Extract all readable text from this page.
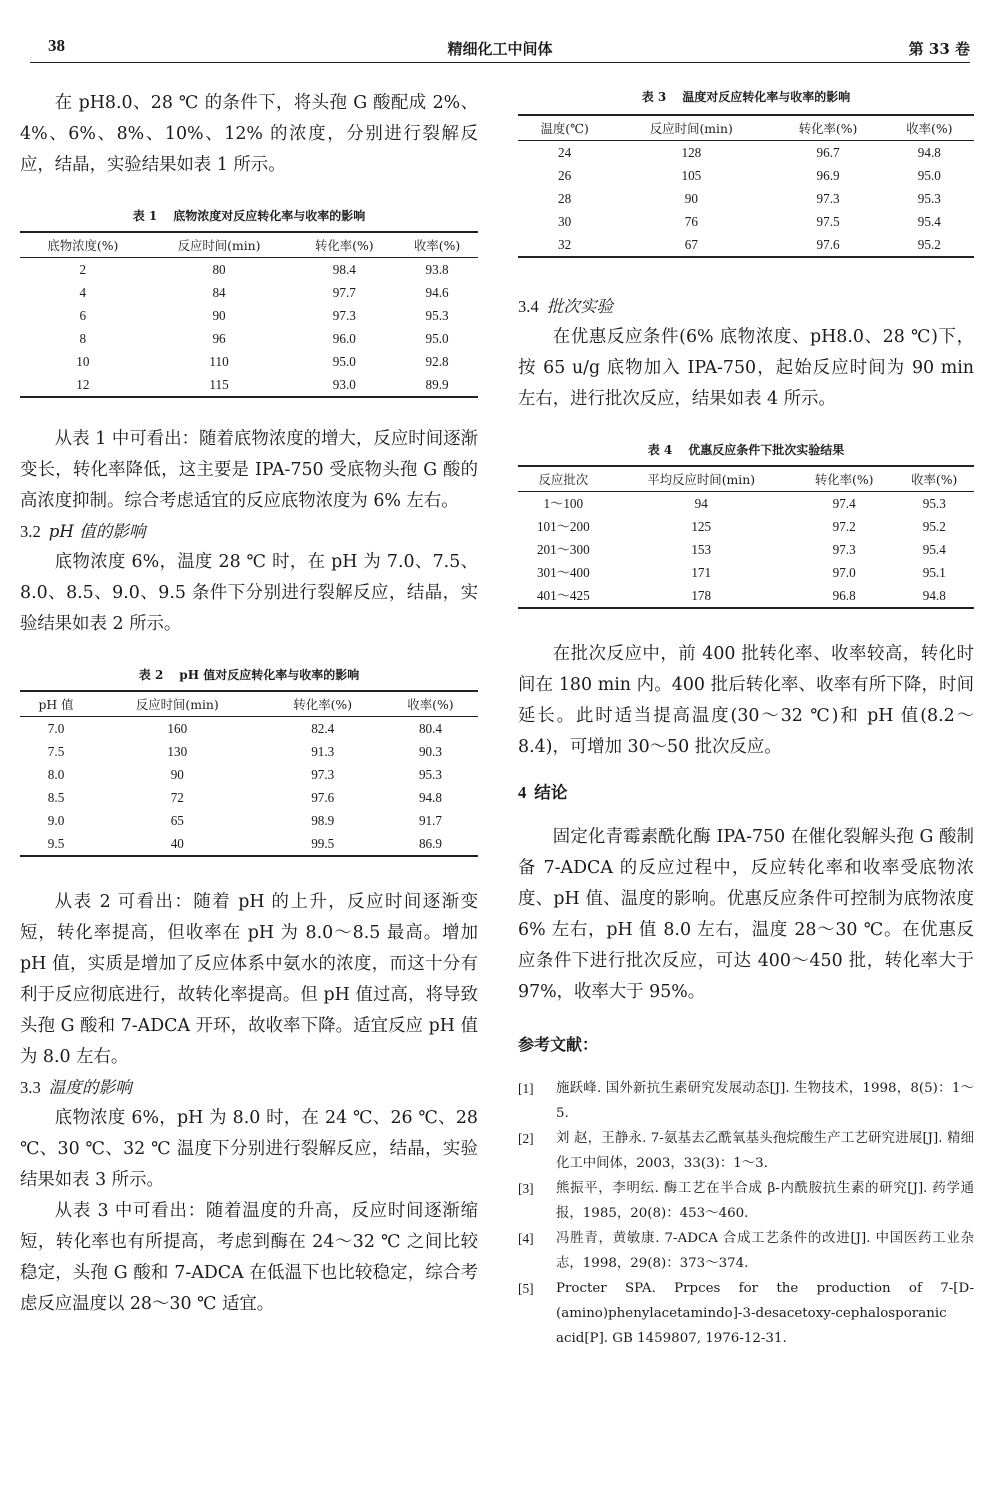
38	精细化工中间体	第 33 卷

在 pH8.0、28 ℃ 的条件下，将头孢 G 酸配成 2%、4%、6%、8%、10%、12% 的浓度，分别进行裂解反应，结晶，实验结果如表 1 所示。

表 1 底物浓度对反应转化率与收率的影响

底物浓度(%)	反应时间(min)	转化率(%)	收率(%)
2	80	98.4	93.8
4	84	97.7	94.6
6	90	97.3	95.3
8	96	96.0	95.0
10	110	95.0	92.8
12	115	93.0	89.9

从表 1 中可看出：随着底物浓度的增大，反应时间逐渐变长，转化率降低，这主要是 IPA-750 受底物头孢 G 酸的高浓度抑制。综合考虑适宜的反应底物浓度为 6% 左右。

3.2 pH 值的影响

底物浓度 6%，温度 28 ℃ 时，在 pH 为 7.0、7.5、8.0、8.5、9.0、9.5 条件下分别进行裂解反应，结晶，实验结果如表 2 所示。

表 2 pH 值对反应转化率与收率的影响

pH 值	反应时间(min)	转化率(%)	收率(%)
7.0	160	82.4	80.4
7.5	130	91.3	90.3
8.0	90	97.3	95.3
8.5	72	97.6	94.8
9.0	65	98.9	91.7
9.5	40	99.5	86.9

从表 2 可看出：随着 pH 的上升，反应时间逐渐变短，转化率提高，但收率在 pH 为 8.0～8.5 最高。增加 pH 值，实质是增加了反应体系中氨水的浓度，而这十分有利于反应彻底进行，故转化率提高。但 pH 值过高，将导致头孢 G 酸和 7-ADCA 开环，故收率下降。适宜反应 pH 值为 8.0 左右。

3.3 温度的影响

底物浓度 6%，pH 为 8.0 时，在 24 ℃、26 ℃、28 ℃、30 ℃、32 ℃ 温度下分别进行裂解反应，结晶，实验结果如表 3 所示。

从表 3 中可看出：随着温度的升高，反应时间逐渐缩短，转化率也有所提高，考虑到酶在 24～32 ℃ 之间比较稳定，头孢 G 酸和 7-ADCA 在低温下也比较稳定，综合考虑反应温度以 28～30 ℃ 适宜。

表 3 温度对反应转化率与收率的影响

温度(℃)	反应时间(min)	转化率(%)	收率(%)
24	128	96.7	94.8
26	105	96.9	95.0
28	90	97.3	95.3
30	76	97.5	95.4
32	67	97.6	95.2

3.4 批次实验

在优惠反应条件(6% 底物浓度、pH8.0、28 ℃)下，按 65 u/g 底物加入 IPA-750，起始反应时间为 90 min 左右，进行批次反应，结果如表 4 所示。

表 4 优惠反应条件下批次实验结果

反应批次	平均反应时间(min)	转化率(%)	收率(%)
1～100	94	97.4	95.3
101～200	125	97.2	95.2
201～300	153	97.3	95.4
301～400	171	97.0	95.1
401～425	178	96.8	94.8

在批次反应中，前 400 批转化率、收率较高，转化时间在 180 min 内。400 批后转化率、收率有所下降，时间延长。此时适当提高温度(30～32 ℃)和 pH 值(8.2～8.4)，可增加 30～50 批次反应。

4 结论

固定化青霉素酰化酶 IPA-750 在催化裂解头孢 G 酸制备 7-ADCA 的反应过程中，反应转化率和收率受底物浓度、pH 值、温度的影响。优惠反应条件可控制为底物浓度 6% 左右，pH 值 8.0 左右，温度 28～30 ℃。在优惠反应条件下进行批次反应，可达 400～450 批，转化率大于 97%，收率大于 95%。

参考文献：

[1]	施跃峰. 国外新抗生素研究发展动态[J]. 生物技术，1998，8(5)：1～5.
[2]	刘 赵，王静永. 7-氨基去乙酰氧基头孢烷酸生产工艺研究进展[J]. 精细化工中间体，2003，33(3)：1～3.
[3]	熊振平，李明纭. 酶工艺在半合成 β-内酰胺抗生素的研究[J]. 药学通报，1985，20(8)：453～460.
[4]	冯胜青，黄敏康. 7-ADCA 合成工艺条件的改进[J]. 中国医药工业杂志，1998，29(8)：373～374.
[5]	Procter SPA. Prpces for the production of 7-[D-(amino)phenylacetamindo]-3-desacetoxy-cephalosporanic acid[P]. GB 1459807, 1976-12-31.
